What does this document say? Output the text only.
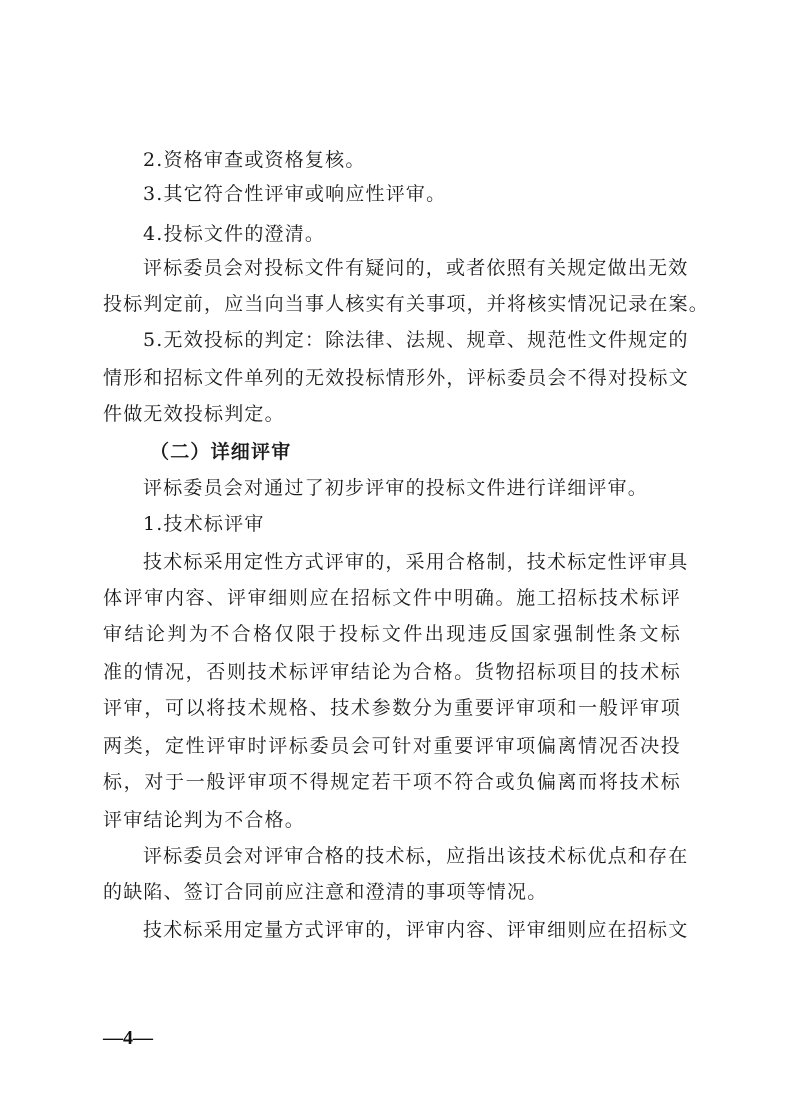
2.资格审查或资格复核。
3.其它符合性评审或响应性评审。
4.投标文件的澄清。
评标委员会对投标文件有疑问的，或者依照有关规定做出无效
投标判定前，应当向当事人核实有关事项，并将核实情况记录在案。
5.无效投标的判定：除法律、法规、规章、规范性文件规定的
情形和招标文件单列的无效投标情形外，评标委员会不得对投标文
件做无效投标判定。
（二）详细评审
评标委员会对通过了初步评审的投标文件进行详细评审。
1.技术标评审
技术标采用定性方式评审的，采用合格制，技术标定性评审具
体评审内容、评审细则应在招标文件中明确。施工招标技术标评
审结论判为不合格仅限于投标文件出现违反国家强制性条文标
准的情况，否则技术标评审结论为合格。货物招标项目的技术标
评审，可以将技术规格、技术参数分为重要评审项和一般评审项
两类，定性评审时评标委员会可针对重要评审项偏离情况否决投
标，对于一般评审项不得规定若干项不符合或负偏离而将技术标
评审结论判为不合格。
评标委员会对评审合格的技术标，应指出该技术标优点和存在
的缺陷、签订合同前应注意和澄清的事项等情况。
技术标采用定量方式评审的，评审内容、评审细则应在招标文
—4—
